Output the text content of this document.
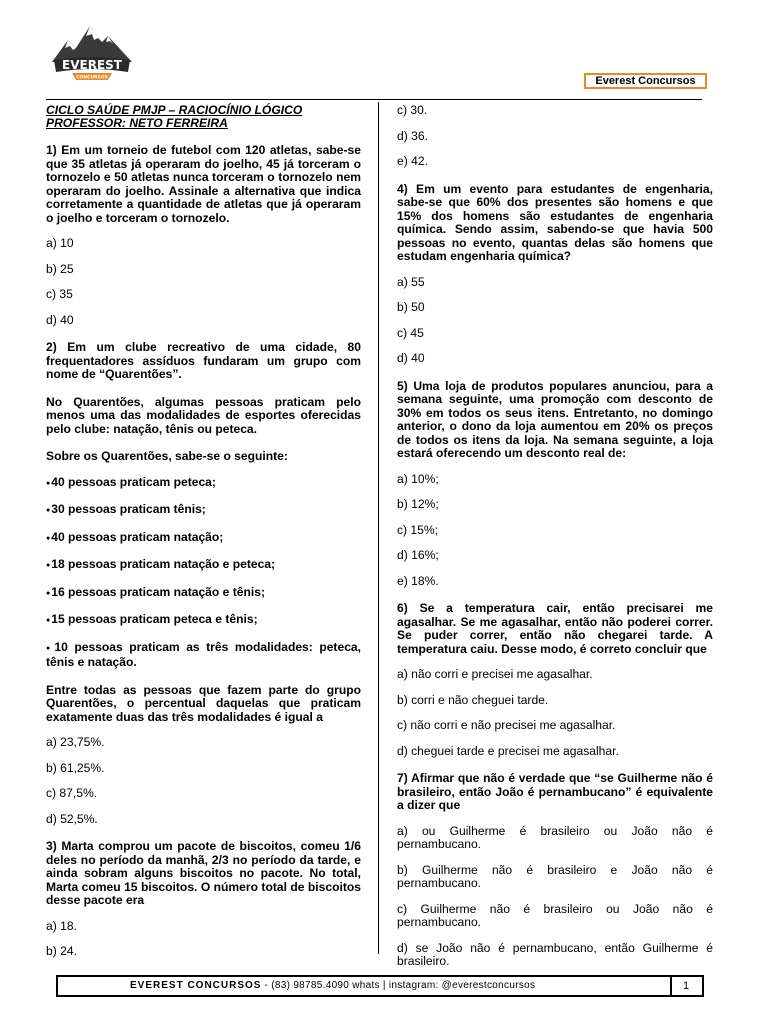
EVEREST
CONCURSOS	Everest Concursos

CICLO SAÚDE PMJP – RACIOCÍNIO LÓGICO

PROFESSOR: NETO FERREIRA

1) Em um torneio de futebol com 120 atletas, sabe-se que 35 atletas já operaram do joelho, 45 já torceram o tornozelo e 50 atletas nunca torceram o tornozelo nem operaram do joelho. Assinale a alternativa que indica corretamente a quantidade de atletas que já operaram o joelho e torceram o tornozelo.

a) 10

b) 25

c) 35

d) 40

2) Em um clube recreativo de uma cidade, 80 frequentadores assíduos fundaram um grupo com nome de “Quarentões”.

No Quarentões, algumas pessoas praticam pelo menos uma das modalidades de esportes oferecidas pelo clube: natação, tênis ou peteca.

Sobre os Quarentões, sabe-se o seguinte:

● 40 pessoas praticam peteca;

● 30 pessoas praticam tênis;

● 40 pessoas praticam natação;

● 18 pessoas praticam natação e peteca;

● 16 pessoas praticam natação e tênis;

● 15 pessoas praticam peteca e tênis;

● 10 pessoas praticam as três modalidades: peteca, tênis e natação.

Entre todas as pessoas que fazem parte do grupo Quarentões, o percentual daquelas que praticam exatamente duas das três modalidades é igual a

a) 23,75%.

b) 61,25%.

c) 87,5%.

d) 52,5%.

3) Marta comprou um pacote de biscoitos, comeu 1/6 deles no período da manhã, 2/3 no período da tarde, e ainda sobram alguns biscoitos no pacote. No total, Marta comeu 15 biscoitos. O número total de biscoitos desse pacote era

a) 18.

b) 24.

c) 30.

d) 36.

e) 42.

4) Em um evento para estudantes de engenharia, sabe-se que 60% dos presentes são homens e que 15% dos homens são estudantes de engenharia química. Sendo assim, sabendo-se que havia 500 pessoas no evento, quantas delas são homens que estudam engenharia química?

a) 55

b) 50

c) 45

d) 40

5) Uma loja de produtos populares anunciou, para a semana seguinte, uma promoção com desconto de 30% em todos os seus itens. Entretanto, no domingo anterior, o dono da loja aumentou em 20% os preços de todos os itens da loja. Na semana seguinte, a loja estará oferecendo um desconto real de:

a) 10%;

b) 12%;

c) 15%;

d) 16%;

e) 18%.

6) Se a temperatura cair, então precisarei me agasalhar. Se me agasalhar, então não poderei correr. Se puder correr, então não chegarei tarde. A temperatura caiu. Desse modo, é correto concluir que

a) não corri e precisei me agasalhar.

b) corri e não cheguei tarde.

c) não corri e não precisei me agasalhar.

d) cheguei tarde e precisei me agasalhar.

7) Afirmar que não é verdade que “se Guilherme não é brasileiro, então João é pernambucano” é equivalente a dizer que

a) ou Guilherme é brasileiro ou João não é pernambucano.

b) Guilherme não é brasileiro e João não é pernambucano.

c) Guilherme não é brasileiro ou João não é pernambucano.

d) se João não é pernambucano, então Guilherme é brasileiro.

EVEREST CONCURSOS - (83) 98785.4090 whats | instagram: @everestconcursos	1
